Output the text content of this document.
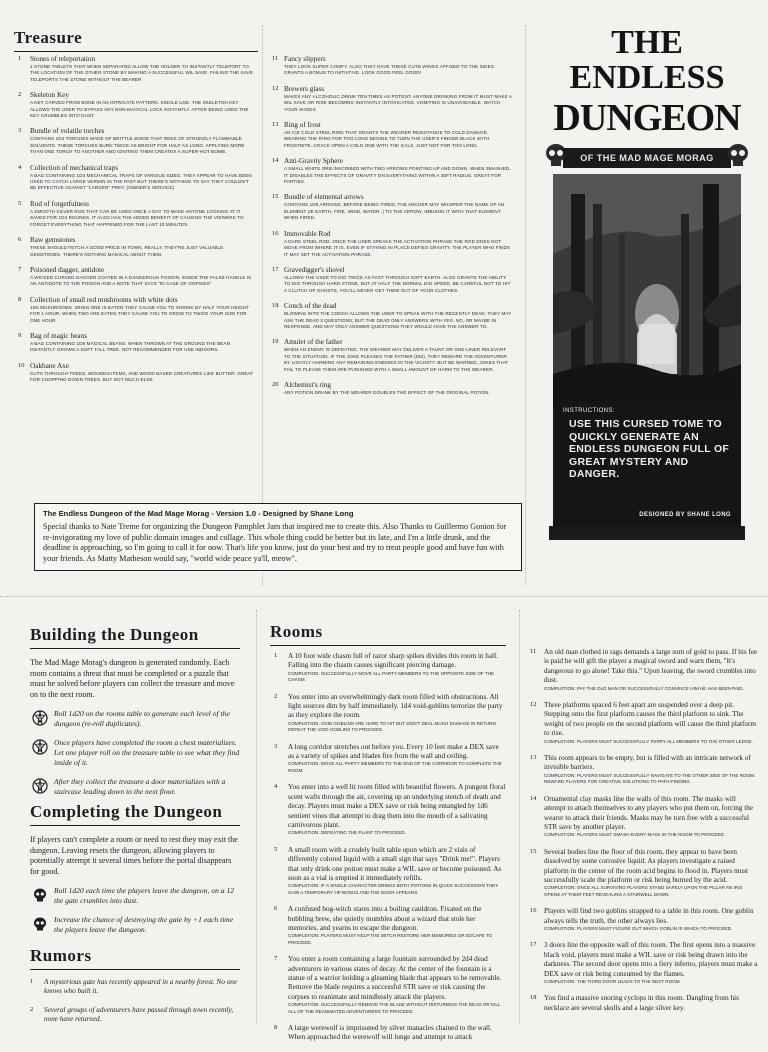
Treasure
1 Stones of teleportation
2 STONE TABLETS THAT WHEN SEPARATED ALLOW THE HOLDER TO INSTANTLY TELEPORT TO THE LOCATION OF THE OTHER STONE BY MAKING A SUCCESSFUL WIL SAVE, FAILING THE SAVE TELEPORTS THE STONE WITHOUT THE BEARER
2 Skeleton Key
A KEY CARVED FROM BONE IN AN INTRICATE PATTERN. SINGLE USE. THE SKELETON KEY ALLOWS THE USER TO BYPASS ANY NON-MAGICAL LOCK INSTANTLY. AFTER BEING USED THE KEY CRUMBLES INTO DUST.
3 Bundle of volatile torches
CONTAINS 1D4 TORCHES MADE OF BRITTLE WOOD THAT REEK OF STRONGLY FLAMMABLE SOLVENTS. THESE TORCHES BURN TWICE AS BRIGHT FOR HALF AS LONG. APPLYING MORE THAN ONE TORCH TO ANOTHER AND IGNITING THEM CREATES A SUPER-HOT BOMB.
4 Collection of mechanical traps
A BAG CONTAINING 1D4 MECHANICAL TRAPS OF VARIOUS SIZES. THEY APPEAR TO HAVE BEEN USED TO CATCH LARGE VERMIN IN THE PAST BUT THERE'S NOTHING TO SAY THEY COULDN'T BE EFFECTIVE AGAINST "LARGER" PREY. (OWNER'S SERVICE)
5 Rod of forgetfulness
A SMOOTH SILVER ROD THAT CAN BE USED ONCE A DAY TO MAKE ANYONE LOOKING AT IT SAVED FOR 1D4 ROUNDS. IT ALSO HAS THE ADDED BENEFIT OF CAUSING THE VIEWERS TO FORGET EVERYTHING THAT HAPPENED FOR THE LAST 10 MINUTES.
6 Raw gemstones
THESE SHOULD FETCH A GOOD PRICE IN TOWN. REALLY, THEY'RE JUST VALUABLE GEMSTONES. THERE'S NOTHING MAGICAL ABOUT THEM.
7 Poisoned dagger, antidote
A WICKED CURVED DAGGER COATED IN A DANGEROUS POISON. INSIDE THE FALSE HANDLE IS AN ANTIDOTE TO THE POISON AND A NOTE THAT SAYS "IN CASE OF OOPSIES".
8 Collection of small red mushrooms with white dots
1D6 MUSHROOMS. WHEN ONE IS EATEN THEY CAUSE YOU TO SHRINK BY HALF YOUR HEIGHT FOR 1 HOUR. WHEN TWO ARE EATEN THEY CAUSE YOU TO GROW TO TWICE YOUR SIZE FOR ONE HOUR.
9 Bag of magic beans
A BAG CONTAINING 1D6 MAGICAL BEANS. WHEN THROWN AT THE GROUND THE BEAN INSTANTLY GROWS A SOFT TALL TREE. NOT RECOMMENDED FOR USE INDOORS.
10 Oakbane Axe
CUTS THROUGH TREES, WOODEN ITEMS, AND WOOD BASED CREATURES LIKE BUTTER. GREAT FOR CHOPPING DOWN TREES. BUT NOT MUCH ELSE.
11 Fancy slippers
THEY LOOK SUPER COMFY. ALSO THEY HAVE THESE CUTE WINGS AFFIXED TO THE SIDES. GRANTS A BONUS TO INITIATIVE. LOOK GOOD FEEL GOOD!
12 Brewers glass
MAKES ANY ALCOHOLIC DRINK TEN TIMES AS POTENT. ANYONE DRINKING FROM IT MUST MAKE A WIL SAVE OR RISK BECOMING INSTANTLY INTOXICATED. VOMITING IS UNAVOIDABLE. WATCH YOUR SHOES.
13 Ring of frost
AN ICE COLD STEEL RING THAT GRANTS THE WEARER RESISTANCE TO COLD DAMAGE. WEARING THE RING FOR TOO LONG BEGINS TO TURN THE USER'S FINGER BLACK WITH FROSTBITE. CRACK OPEN A COLD ONE WITH THE GALS, JUST NOT FOR TOO LONG.
14 Anti-Gravity Sphere
A SMALL WHITE ORB INSCRIBED WITH TWO ARROWS POINTING UP AND DOWN. WHEN SMASHED, IT DISABLES THE EFFECTS OF GRAVITY ON EVERYTHING WITHIN A 30FT RADIUS. GREAT FOR PARTIES.
15 Bundle of elemental arrows
CONTAINS 1D8 ARROWS. BEFORE BEING FIRED, THE ARCHER MAY WHISPER THE NAME OF AN ELEMENT (IE EARTH, FIRE, WIND, WATER..) TO THE ARROW, IMBUING IT WITH THAT ELEMENT WHEN FIRED.
16 Immovable Rod
A DARK STEEL ROD. ONCE THE USER SPEAKS THE ACTIVATION PHRASE THE ROD DOES NOT MOVE FROM WHERE IT IS, EVEN IF STAYING IN PLACE DEFIES GRAVITY. THE PLAYER WHO FINDS IT MAY SET THE ACTIVATION PHRASE.
17 Gravedigger's shovel
ALLOWS THE USER TO DIG TWICE AS FAST THROUGH SOFT EARTH. ALSO GRANTS THE ABILITY TO DIG THROUGH HARD STONE, BUT AT HALF THE NORMAL DIG SPEED. BE CAREFUL NOT TO HIT A CLUTCH OF GHOSTS, YOU'LL NEVER GET THEM OUT OF YOUR CLOTHES.
18 Conch of the dead
BLOWING INTO THE CONCH ALLOWS THE USER TO SPEAK WITH THE RECENTLY DEAD. THEY MAY ASK THE DEAD 3 QUESTIONS; BUT THE DEAD ONLY ANSWERS WITH YES, NO, OR MAYBE IN RESPONSE, AND MAY ONLY ANSWER QUESTIONS THEY WOULD HAVE THE ANSWER TO.
19 Amulet of the father
WHEN AN ENEMY IS DEFEATED, THE WEARER MAY DELIVER A TAUNT OR ONE-LINER RELEVANT TO THE SITUATION. IF THE JOKE PLEASES THE FATHER (DM), THEY REWARD THE ADVENTURER BY LIGHTLY HARMING ANY REMAINING ENEMIES IN THE VICINITY. BUT BE WARNED, JOKES THAT FAIL TO PLEASE THEM ARE PUNISHED WITH A SMALL AMOUNT OF HARM TO THE WEARER.
20 Alchemist's ring
ANY POTION DRANK BY THE WEARER DOUBLES THE EFFECT OF THE ORIGINAL POTION.
The Endless Dungeon of the Mad Mage Morag - Version 1.0 - Designed by Shane Long
Special thanks to Nate Treme for organizing the Dungeon Pamphlet Jam that inspired me to create this. Also Thanks to Guillermo Gonion for re-invigorating my love of public domain images and collage. This whole thing could be better but its late, and I'm a little drunk, and the deadline is approaching, so I'm going to call it for now. That's life you know, just do your best and try to treat people good and have fun with your friends. As Matty Matheson would say, "world wide peace ya'll, meow".
THE
ENDLESS
DUNGEON
OF THE MAD MAGE MORAG
INSTRUCTIONS:
USE THIS CURSED TOME TO QUICKLY GENERATE AN ENDLESS DUNGEON FULL OF GREAT MYSTERY AND DANGER.
DESIGNED BY SHANE LONG
Building the Dungeon
The Mad Mage Morag's dungeon is generated randomly. Each room contains a threat that must be completed or a puzzle that must be solved before players can collect the treasure and move on to the next room.
Roll 1d20 on the rooms table to generate each level of the dungeon (re-roll duplicates).
Once players have completed the room a chest materializes. Let one player roll on the treasure table to see what they find inside of it.
After they collect the treasure a door materializes with a staircase leading down to the next floor.
Completing the Dungeon
If players can't complete a room or need to rest they may exit the dungeon. Leaving resets the dungeon, allowing players to potentially attempt it several times before the portal disappears for good.
Roll 1d20 each time the players leave the dungeon, on a 12 the gate crumbles into dust.
Increase the chance of destroying the gate by +1 each time the players leave the dungeon.
Rumors
1 A mysterious gate has recently appeared in a nearby forest. No one knows who built it.
2 Several groups of adventurers have passed through town recently, none have returned.
Rooms
1 A 10 foot wide chasm full of razor sharp spikes divides this room in half. Falling into the chasm causes significant piercing damage.
COMPLETION: SUCCESSFULLY MOVE ALL PARTY MEMBERS TO THE OPPOSITE SIDE OF THE CHASM.
2 You enter into an overwhelmingly dark room filled with obstructions. All light sources dim by half immediately. 1d4 void-goblins terrorize the party as they explore the room.
COMPLETION: VOID GOBLINS ARE HARD TO HIT BUT DON'T DEAL MUCH DAMAGE IN RETURN. DEFEAT THE VOID GOBLINS TO PROCEED.
3 A long corridor stretches out before you. Every 10 feet make a DEX save as a variety of spikes and blades fire from the wall and ceiling.
COMPLETION: MOVE ALL PARTY MEMBERS TO THE END OF THE CORRIDOR TO COMPLETE THE ROOM.
4 You enter into a well lit room filled with beautiful flowers. A pungent floral scent wafts through the air, covering up an underlying stench of death and decay. Players must make a DEX save or risk being entangled by 1d6 sentient vines that attempt to drag them into the mouth of a salivating carnivorous plant.
COMPLETION: DEFEATING THE PLANT TO PROCEED.
5 A small room with a crudely built table upon which are 2 vials of differently colored liquid with a small sign that says "Drink me!". Players that only drink one potion must make a WIL save or become poisoned. As soon as a vial is emptied it immediately refills.
COMPLETION: IF A SINGLE CHARACTER DRINKS BOTH POTIONS IN QUICK SUCCESSION THEY GAIN A TEMPORARY HP BONUS AND THE DOOR APPEARS.
6 A confused bog-witch stares into a boiling cauldron. Fixated on the bubbling brew, she quietly mumbles about a wizard that stole her memories, and yearns to escape the dungeon.
COMPLETION: PLAYERS MUST HELP THE WITCH RESTORE HER MEMORIES OR ESCAPE TO PROCEED.
7 You enter a room containing a large fountain surrounded by 2d4 dead adventurers in various states of decay. At the center of the fountain is a statue of a warrior holding a gleaming blade that appears to be removable. Remove the blade requires a successful STR save or risk causing the corpses to reanimate and mindlessly attack the players.
COMPLETION: SUCCESSFULLY REMOVE THE BLADE WITHOUT DISTURBING THE DEAD OR KILL ALL OF THE REANIMATED ADVENTURERS TO PROCEED.
8 A large werewolf is imprisoned by silver manacles chained to the wall. When approached the werewolf will lunge and attempt to attack
11 An old man clothed in rags demands a large sum of gold to pass. If his fee is paid he will gift the player a magical sword and warn them, "It's dangerous to go alone! Take this." Upon leaving, the sword crumbles into dust.
COMPLETION: PAY THE OLD MAN OR SUCCESSFULLY CONVINCE HIM HE HAS BEEN PAID.
12 Three platforms spaced 6 feet apart are suspended over a deep pit. Stepping onto the first platform causes the third platform to sink. The weight of two people on the second platform will cause the third platform to rise.
COMPLETION: PLAYERS MUST SUCCESSFULLY FERRY ALL MEMBERS TO THE OTHER LEDGE.
13 This room appears to be empty, but is filled with an intricate network of invisible barriers.
COMPLETION: PLAYERS MUST SUCCESSFULLY NAVIGATE TO THE OTHER SIDE OF THE ROOM. REWARD PLAYERS FOR CREATIVE SOLUTIONS TO PATH-FINDING.
14 Ornamental clay masks line the walls of this room. The masks will attempt to attach themselves to any players who put them on, forcing the wearer to attack their friends. Masks may be torn free with a successful STR save by another player.
COMPLETION: PLAYERS MUST SMASH EVERY MASK IN THE ROOM TO PROCEED.
15 Several bodies line the floor of this room, they appear to have been dissolved by some corrosive liquid. As players investigate a raised platform in the center of the room acid begins to flood in. Players must successfully scale the platform or risk being burned by the acid.
COMPLETION: ONCE ALL SURVIVING PLAYERS STAND SAFELY UPON THE PILLAR AN IRIS OPENS AT THEIR FEET REVEALING A STAIRWELL DOWN.
16 Players will find two goblins strapped to a table in this room. One goblin always tells the truth, the other always lies.
COMPLETION: PLAYERS MUST FIGURE OUT WHICH GOBLIN IS WHICH TO PROCEED.
17 3 doors line the opposite wall of this room. The first opens into a massive black void, players must make a WIL save or risk being drawn into the darkness. The second door opens into a fiery inferno, players must make a DEX save or risk being consumed by the flames.
COMPLETION: THE THIRD DOOR LEADS TO THE NEXT ROOM.
18 You find a massive snoring cyclops in this room. Dangling from his necklace are several skulls and a large silver key.
